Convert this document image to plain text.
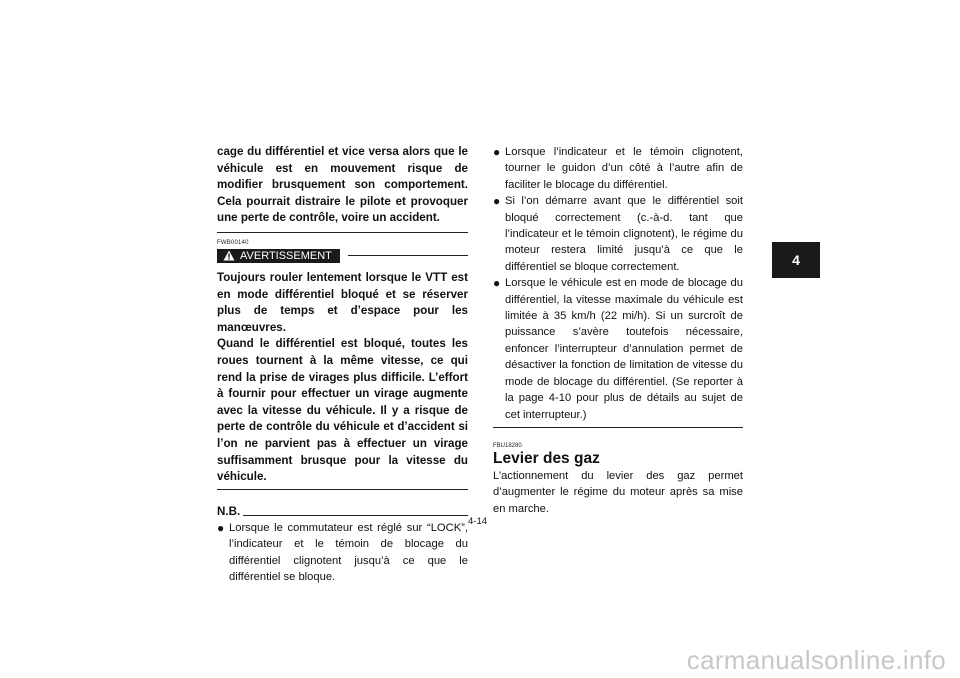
cage du différentiel et vice versa alors que le véhicule est en mouvement risque de modifier brusquement son comportement. Cela pourrait distraire le pilote et provoquer une perte de contrôle, voire un accident.

FWB00140
AVERTISSEMENT

Toujours rouler lentement lorsque le VTT est en mode différentiel bloqué et se réserver plus de temps et d’espace pour les manœuvres.

Quand le différentiel est bloqué, toutes les roues tournent à la même vitesse, ce qui rend la prise de virages plus difficile. L’effort à fournir pour effectuer un virage augmente avec la vitesse du véhicule. Il y a risque de perte de contrôle du véhicule et d’accident si l’on ne parvient pas à effectuer un virage suffisamment brusque pour la vitesse du véhicule.

N.B.
● Lorsque le commutateur est réglé sur “LOCK”, l’indicateur et le témoin de blocage du différentiel clignotent jusqu’à ce que le différentiel se bloque.
● Lorsque l’indicateur et le témoin clignotent, tourner le guidon d’un côté à l’autre afin de faciliter le blocage du différentiel.
● Si l’on démarre avant que le différentiel soit bloqué correctement (c.-à-d. tant que l’indicateur et le témoin clignotent), le régime du moteur restera limité jusqu’à ce que le différentiel se bloque correctement.
● Lorsque le véhicule est en mode de blocage du différentiel, la vitesse maximale du véhicule est limitée à 35 km/h (22 mi/h). Si un surcroît de puissance s’avère toutefois nécessaire, enfoncer l’interrupteur d’annulation permet de désactiver la fonction de limitation de vitesse du mode de blocage du différentiel. (Se reporter à la page 4-10 pour plus de détails au sujet de cet interrupteur.)
FBU18280
Levier des gaz

L’actionnement du levier des gaz permet d’augmenter le régime du moteur après sa mise en marche.

4
4-14
carmanualsonline.info
